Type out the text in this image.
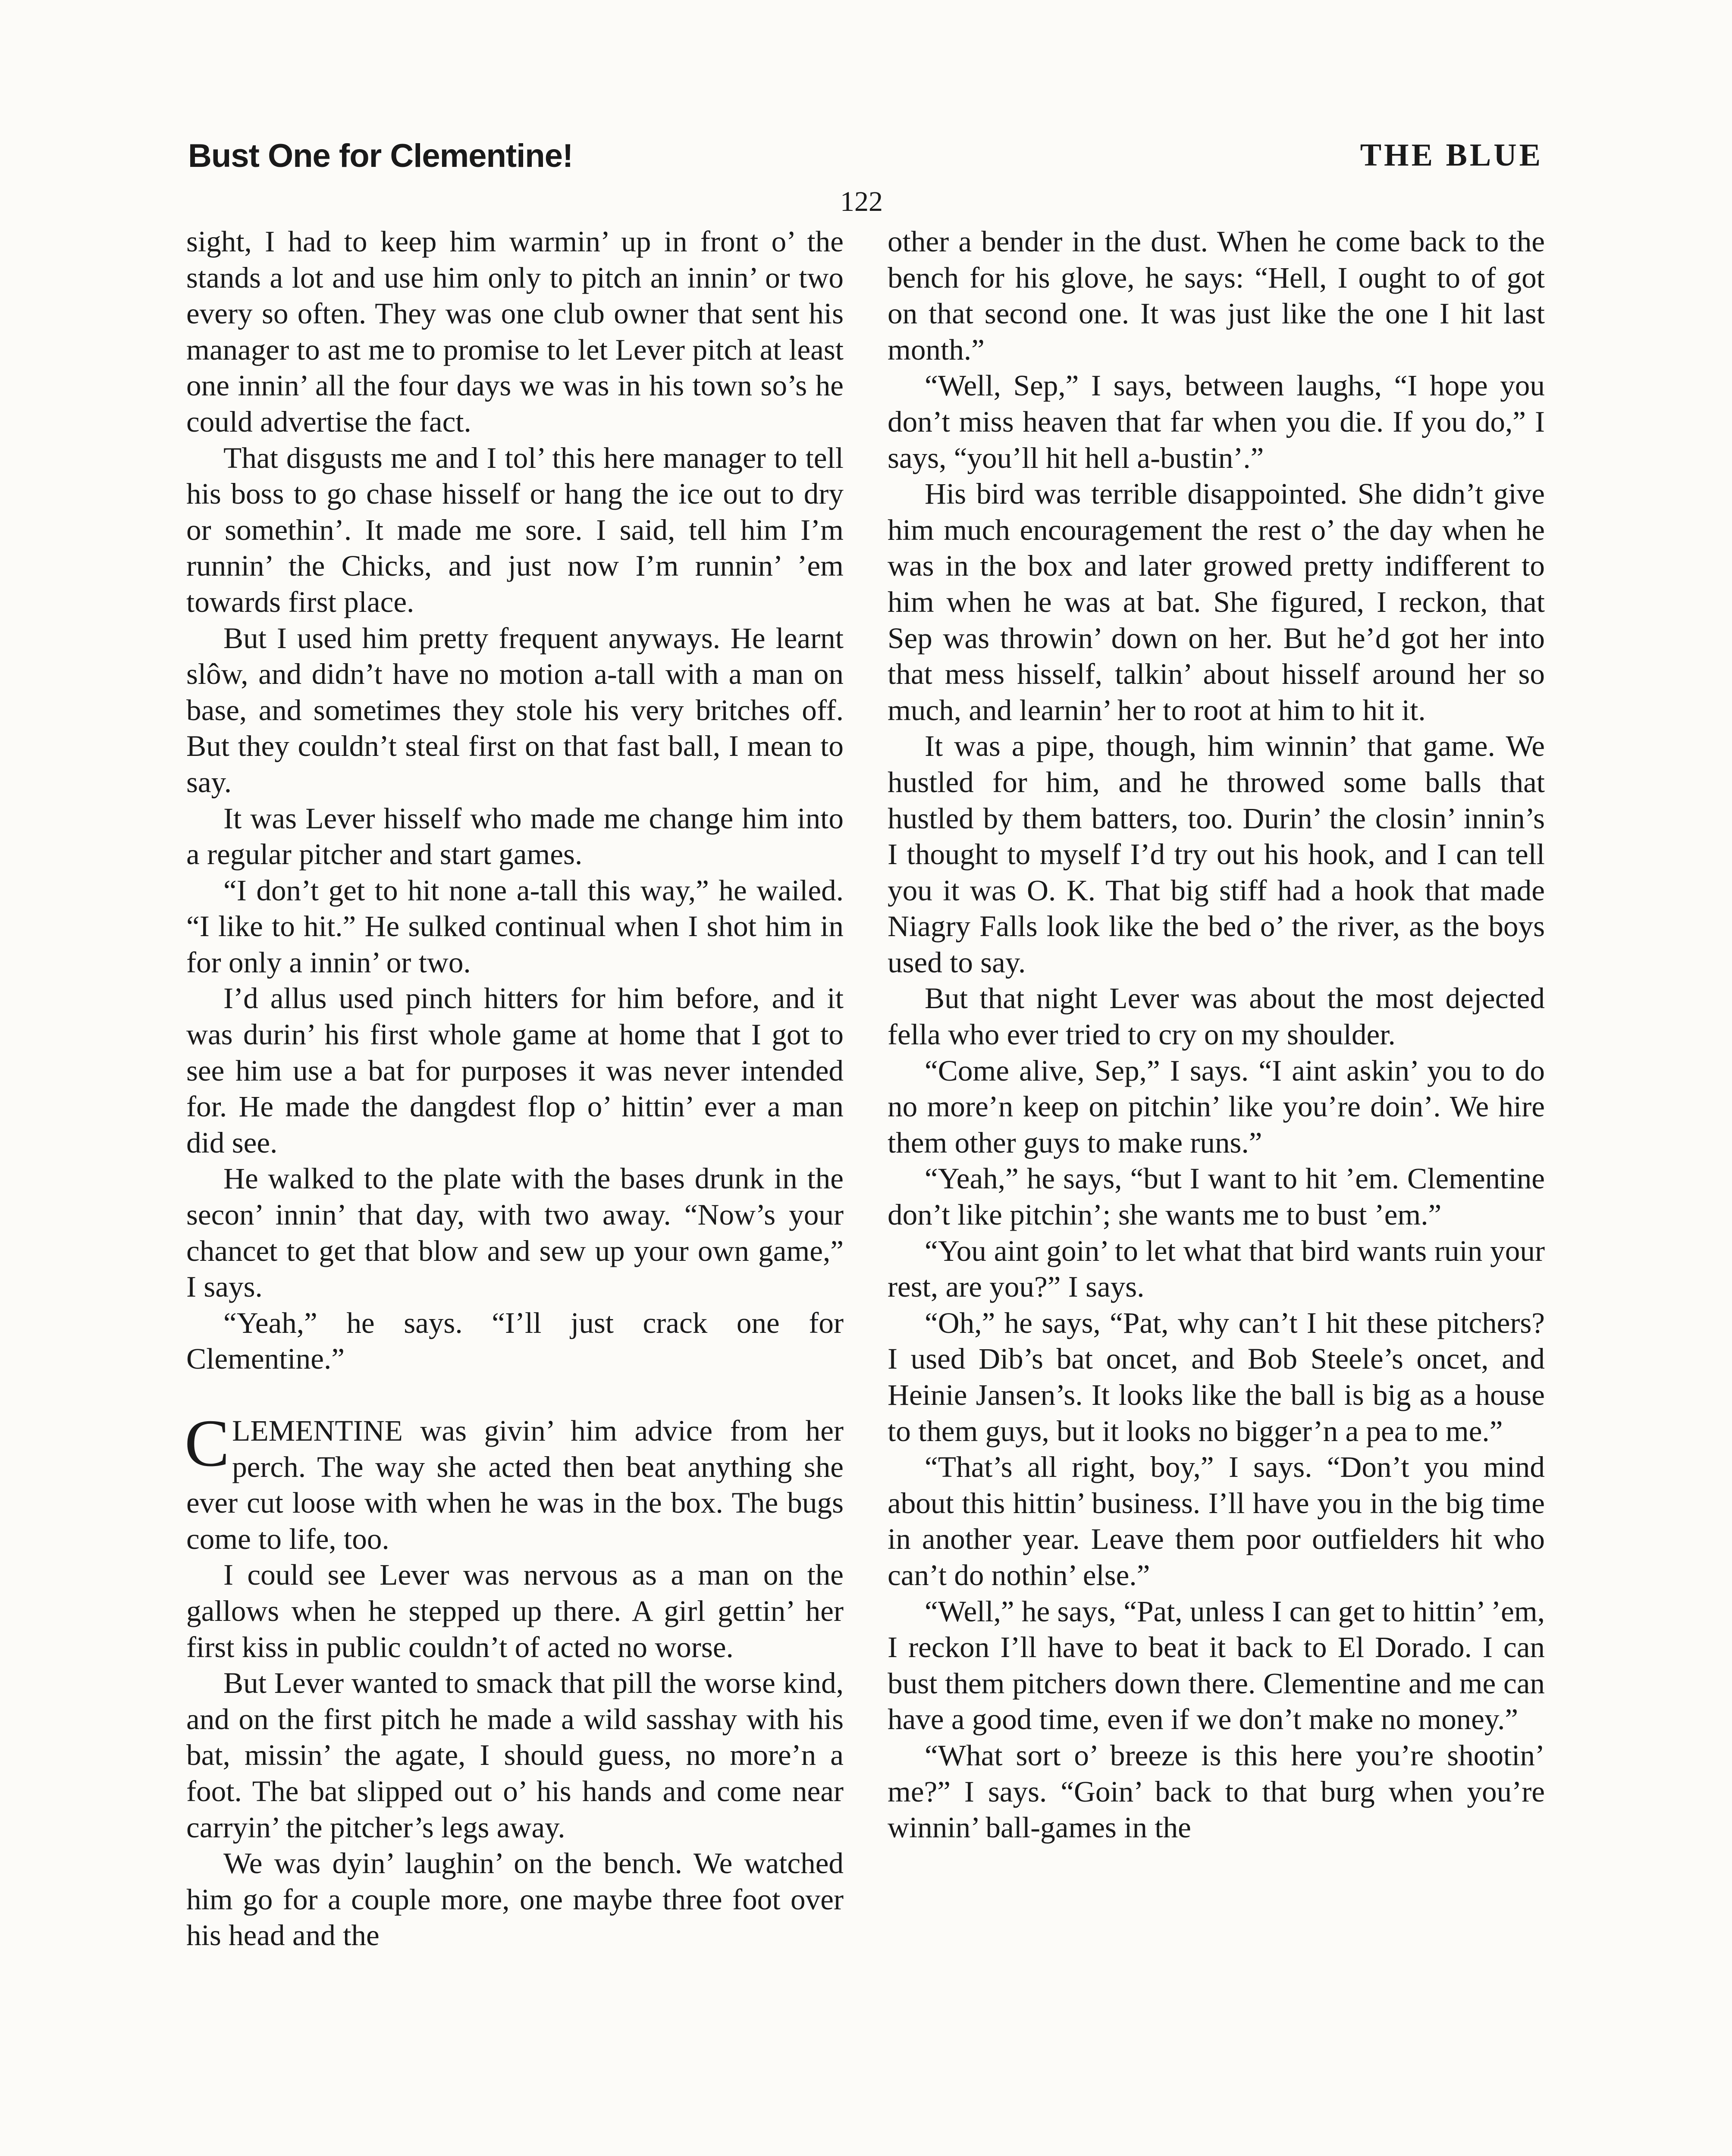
Bust One for Clementine!	THE BLUE
122

sight, I had to keep him warmin’ up in front o’ the stands a lot and use him only to pitch an innin’ or two every so often. They was one club owner that sent his manager to ast me to promise to let Lever pitch at least one innin’ all the four days we was in his town so’s he could advertise the fact.

That disgusts me and I tol’ this here manager to tell his boss to go chase hisself or hang the ice out to dry or somethin’. It made me sore. I said, tell him I’m runnin’ the Chicks, and just now I’m runnin’ ’em towards first place.

But I used him pretty frequent anyways. He learnt slôw, and didn’t have no motion a-tall with a man on base, and sometimes they stole his very britches off. But they couldn’t steal first on that fast ball, I mean to say.

It was Lever hisself who made me change him into a regular pitcher and start games.

“I don’t get to hit none a-tall this way,” he wailed. “I like to hit.” He sulked continual when I shot him in for only a innin’ or two.

I’d allus used pinch hitters for him before, and it was durin’ his first whole game at home that I got to see him use a bat for purposes it was never intended for. He made the dangdest flop o’ hittin’ ever a man did see.

He walked to the plate with the bases drunk in the secon’ innin’ that day, with two away. “Now’s your chancet to get that blow and sew up your own game,” I says.

“Yeah,” he says. “I’ll just crack one for Clementine.”

CLEMENTINE was givin’ him advice from her perch. The way she acted then beat anything she ever cut loose with when he was in the box. The bugs come to life, too.

I could see Lever was nervous as a man on the gallows when he stepped up there. A girl gettin’ her first kiss in public couldn’t of acted no worse.

But Lever wanted to smack that pill the worse kind, and on the first pitch he made a wild sasshay with his bat, missin’ the agate, I should guess, no more’n a foot. The bat slipped out o’ his hands and come near carryin’ the pitcher’s legs away.

We was dyin’ laughin’ on the bench. We watched him go for a couple more, one maybe three foot over his head and the

other a bender in the dust. When he come back to the bench for his glove, he says: “Hell, I ought to of got on that second one. It was just like the one I hit last month.”

“Well, Sep,” I says, between laughs, “I hope you don’t miss heaven that far when you die. If you do,” I says, “you’ll hit hell a-bustin’.”

His bird was terrible disappointed. She didn’t give him much encouragement the rest o’ the day when he was in the box and later growed pretty indifferent to him when he was at bat. She figured, I reckon, that Sep was throwin’ down on her. But he’d got her into that mess hisself, talkin’ about hisself around her so much, and learnin’ her to root at him to hit it.

It was a pipe, though, him winnin’ that game. We hustled for him, and he throwed some balls that hustled by them batters, too. Durin’ the closin’ innin’s I thought to myself I’d try out his hook, and I can tell you it was O. K. That big stiff had a hook that made Niagry Falls look like the bed o’ the river, as the boys used to say.

But that night Lever was about the most dejected fella who ever tried to cry on my shoulder.

“Come alive, Sep,” I says. “I aint askin’ you to do no more’n keep on pitchin’ like you’re doin’. We hire them other guys to make runs.”

“Yeah,” he says, “but I want to hit ’em. Clementine don’t like pitchin’; she wants me to bust ’em.”

“You aint goin’ to let what that bird wants ruin your rest, are you?” I says.

“Oh,” he says, “Pat, why can’t I hit these pitchers? I used Dib’s bat oncet, and Bob Steele’s oncet, and Heinie Jansen’s. It looks like the ball is big as a house to them guys, but it looks no bigger’n a pea to me.”

“That’s all right, boy,” I says. “Don’t you mind about this hittin’ business. I’ll have you in the big time in another year. Leave them poor outfielders hit who can’t do nothin’ else.”

“Well,” he says, “Pat, unless I can get to hittin’ ’em, I reckon I’ll have to beat it back to El Dorado. I can bust them pitchers down there. Clementine and me can have a good time, even if we don’t make no money.”

“What sort o’ breeze is this here you’re shootin’ me?” I says. “Goin’ back to that burg when you’re winnin’ ball-games in the
